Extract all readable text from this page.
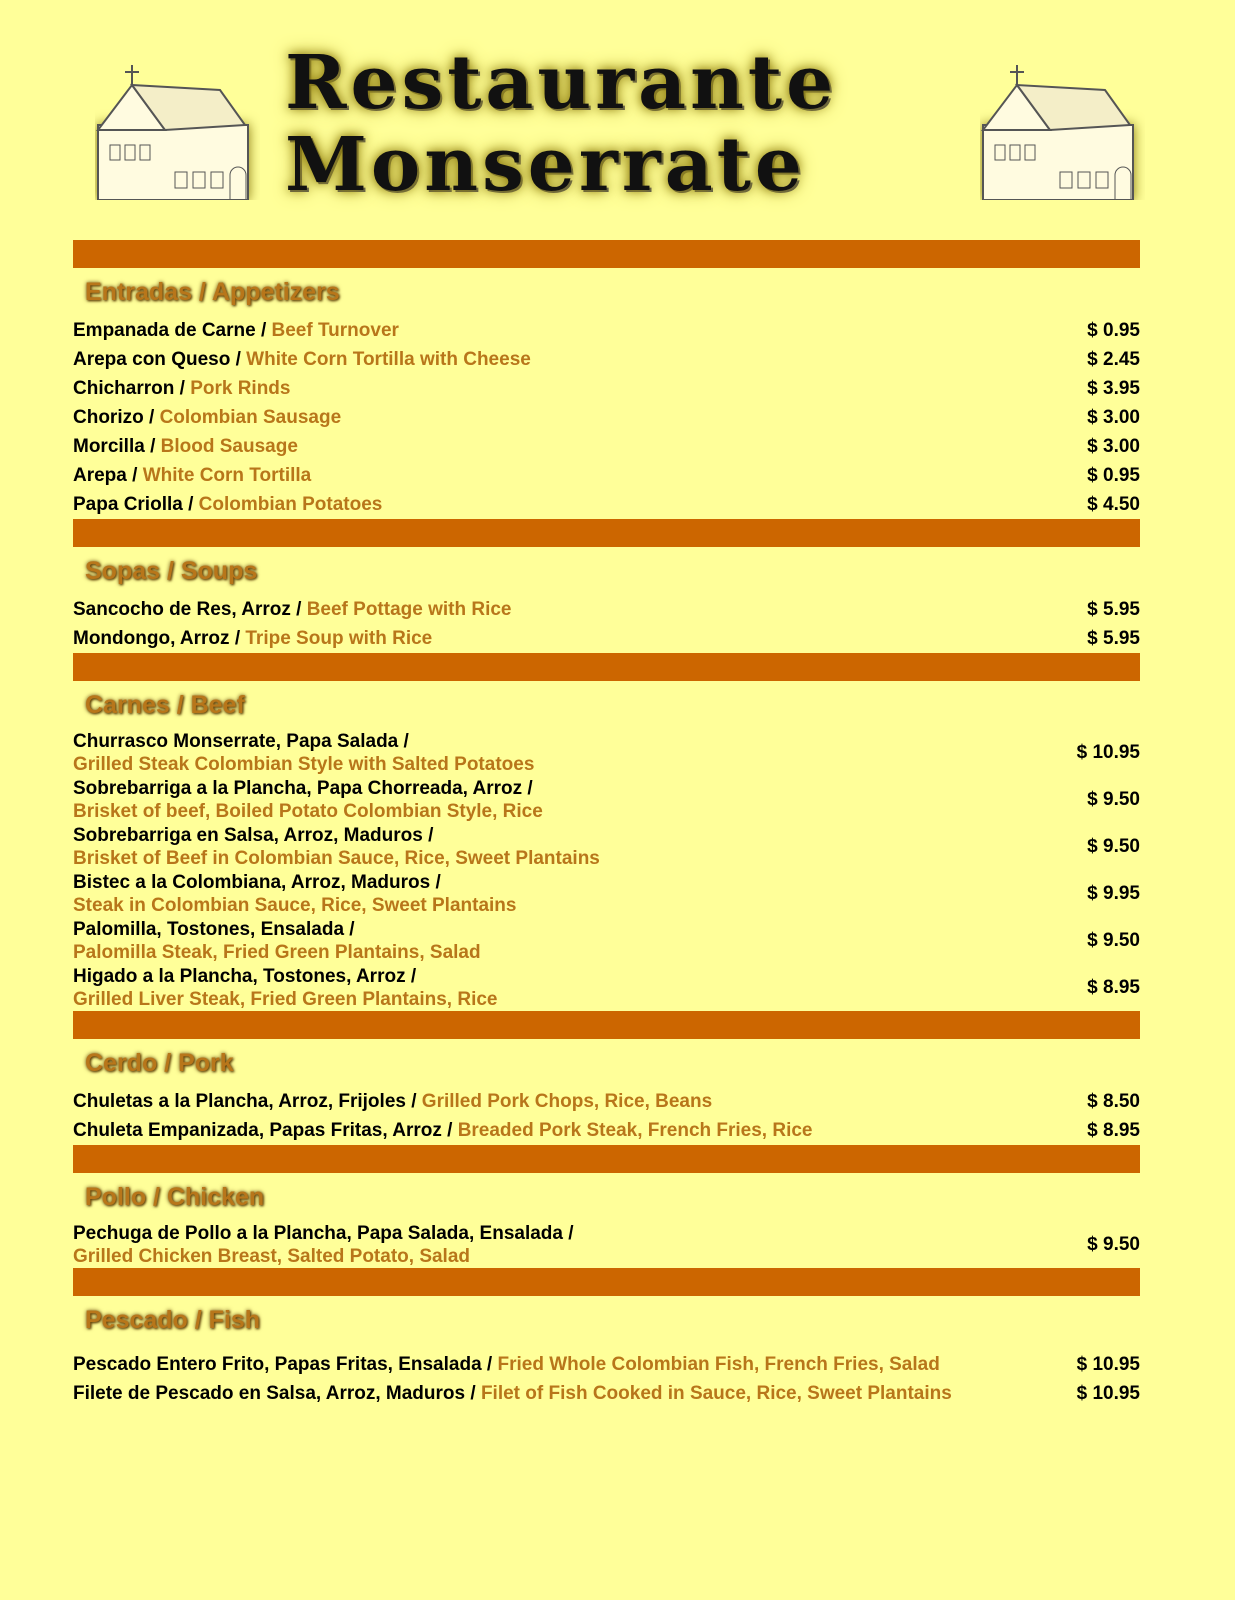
Restaurante
Monserrate
Entradas / Appetizers
Empanada de Carne / Beef Turnover	$ 0.95
Arepa con Queso / White Corn Tortilla with Cheese	$ 2.45
Chicharron / Pork Rinds	$ 3.95
Chorizo / Colombian Sausage	$ 3.00
Morcilla / Blood Sausage	$ 3.00
Arepa / White Corn Tortilla	$ 0.95
Papa Criolla / Colombian Potatoes	$ 4.50
Sopas / Soups
Sancocho de Res, Arroz / Beef Pottage with Rice	$ 5.95
Mondongo, Arroz / Tripe Soup with Rice	$ 5.95
Carnes / Beef
Churrasco Monserrate, Papa Salada /
Grilled Steak Colombian Style with Salted Potatoes
$ 10.95
Sobrebarriga a la Plancha, Papa Chorreada, Arroz /
Brisket of beef, Boiled Potato Colombian Style, Rice
$ 9.50
Sobrebarriga en Salsa, Arroz, Maduros /
Brisket of Beef in Colombian Sauce, Rice, Sweet Plantains
$ 9.50
Bistec a la Colombiana, Arroz, Maduros /
Steak in Colombian Sauce, Rice, Sweet Plantains
$ 9.95
Palomilla, Tostones, Ensalada /
Palomilla Steak, Fried Green Plantains, Salad
$ 9.50
Higado a la Plancha, Tostones, Arroz /
Grilled Liver Steak, Fried Green Plantains, Rice
$ 8.95
Cerdo / Pork
Chuletas a la Plancha, Arroz, Frijoles / Grilled Pork Chops, Rice, Beans	$ 8.50
Chuleta Empanizada, Papas Fritas, Arroz / Breaded Pork Steak, French Fries, Rice	$ 8.95
Pollo / Chicken
Pechuga de Pollo a la Plancha, Papa Salada, Ensalada /
Grilled Chicken Breast, Salted Potato, Salad
$ 9.50
Pescado / Fish
Pescado Entero Frito, Papas Fritas, Ensalada / Fried Whole Colombian Fish, French Fries, Salad	$ 10.95
Filete de Pescado en Salsa, Arroz, Maduros / Filet of Fish Cooked in Sauce, Rice, Sweet Plantains	$ 10.95
